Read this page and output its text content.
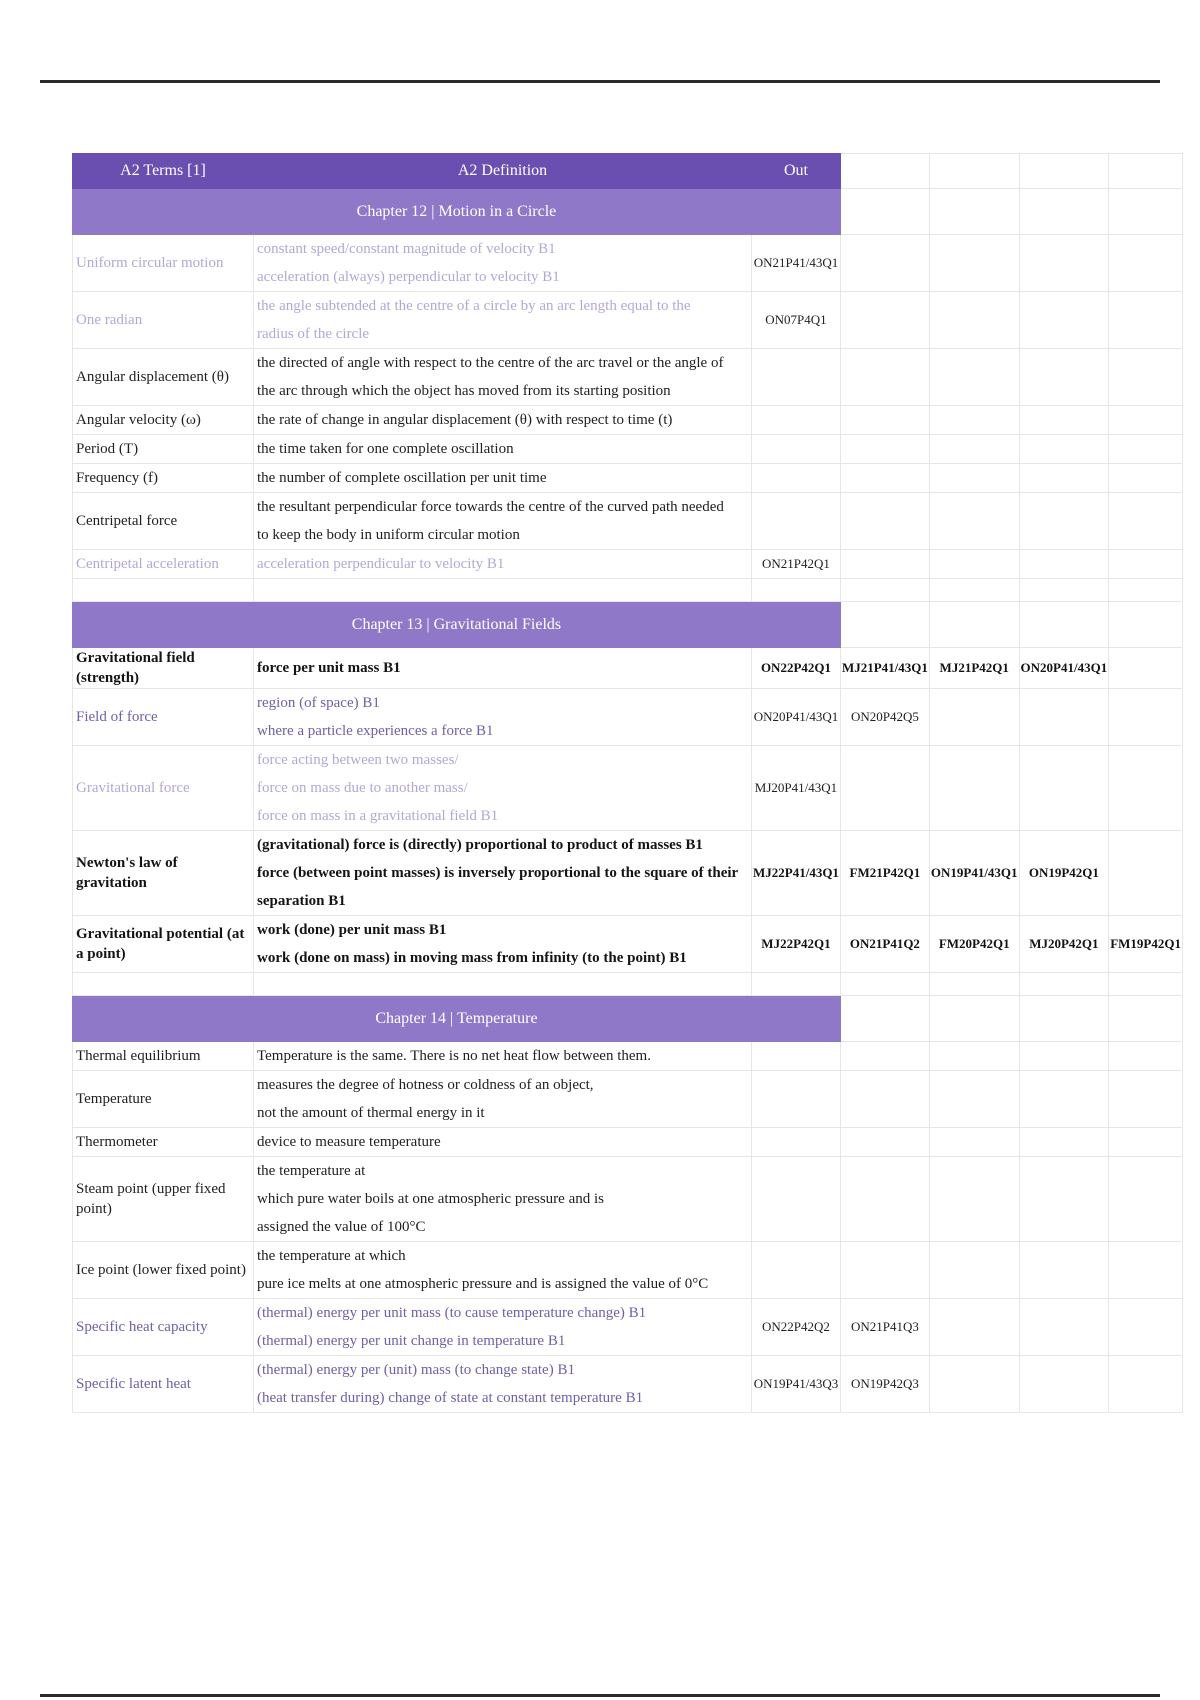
A2 Terms [1]	A2 Definition	Out				
Chapter 12 | Motion in a Circle						
Uniform circular motion	constant speed/constant magnitude of velocity B1
acceleration (always) perpendicular to velocity B1	ON21P41/43Q1				
One radian	the angle subtended at the centre of a circle by an arc length equal to the
radius of the circle	ON07P4Q1				
Angular displacement (θ)	the directed of angle with respect to the centre of the arc travel or the angle of
the arc through which the object has moved from its starting position					

Angular velocity (ω)	the rate of change in angular displacement (θ) with respect to time (t)					
Period (T)	the time taken for one complete oscillation					
Frequency (f)	the number of complete oscillation per unit time					
Centripetal force	the resultant perpendicular force towards the centre of the curved path needed
to keep the body in uniform circular motion					

Centripetal acceleration	acceleration perpendicular to velocity B1	ON21P42Q1				

Chapter 13 | Gravitational Fields						
Gravitational field (strength)	force per unit mass B1	ON22P42Q1	MJ21P41/43Q1	MJ21P42Q1	ON20P41/43Q1	
Field of force	region (of space) B1
where a particle experiences a force B1	ON20P41/43Q1	ON20P42Q5			
Gravitational force	force acting between two masses/
force on mass due to another mass/
force on mass in a gravitational field B1	MJ20P41/43Q1				
Newton's law of gravitation	(gravitational) force is (directly) proportional to product of masses B1
force (between point masses) is inversely proportional to the square of their separation B1	MJ22P41/43Q1	FM21P42Q1	ON19P41/43Q1	ON19P42Q1	
Gravitational potential (at a point)	work (done) per unit mass B1
work (done on mass) in moving mass from infinity (to the point) B1	MJ22P42Q1	ON21P41Q2	FM20P42Q1	MJ20P42Q1	FM19P42Q1

Chapter 14 | Temperature						
Thermal equilibrium	Temperature is the same. There is no net heat flow between them.					
Temperature	measures the degree of hotness or coldness of an object,
not the amount of thermal energy in it					

Thermometer	device to measure temperature					
Steam point (upper fixed point)	the temperature at
which pure water boils at one atmospheric pressure and is
assigned the value of 100°C					

Ice point (lower fixed point)	the temperature at which
pure ice melts at one atmospheric pressure and is assigned the value of 0°C					

Specific heat capacity	(thermal) energy per unit mass (to cause temperature change) B1
(thermal) energy per unit change in temperature B1	ON22P42Q2	ON21P41Q3			
Specific latent heat	(thermal) energy per (unit) mass (to change state) B1
(heat transfer during) change of state at constant temperature B1	ON19P41/43Q3	ON19P42Q3			
